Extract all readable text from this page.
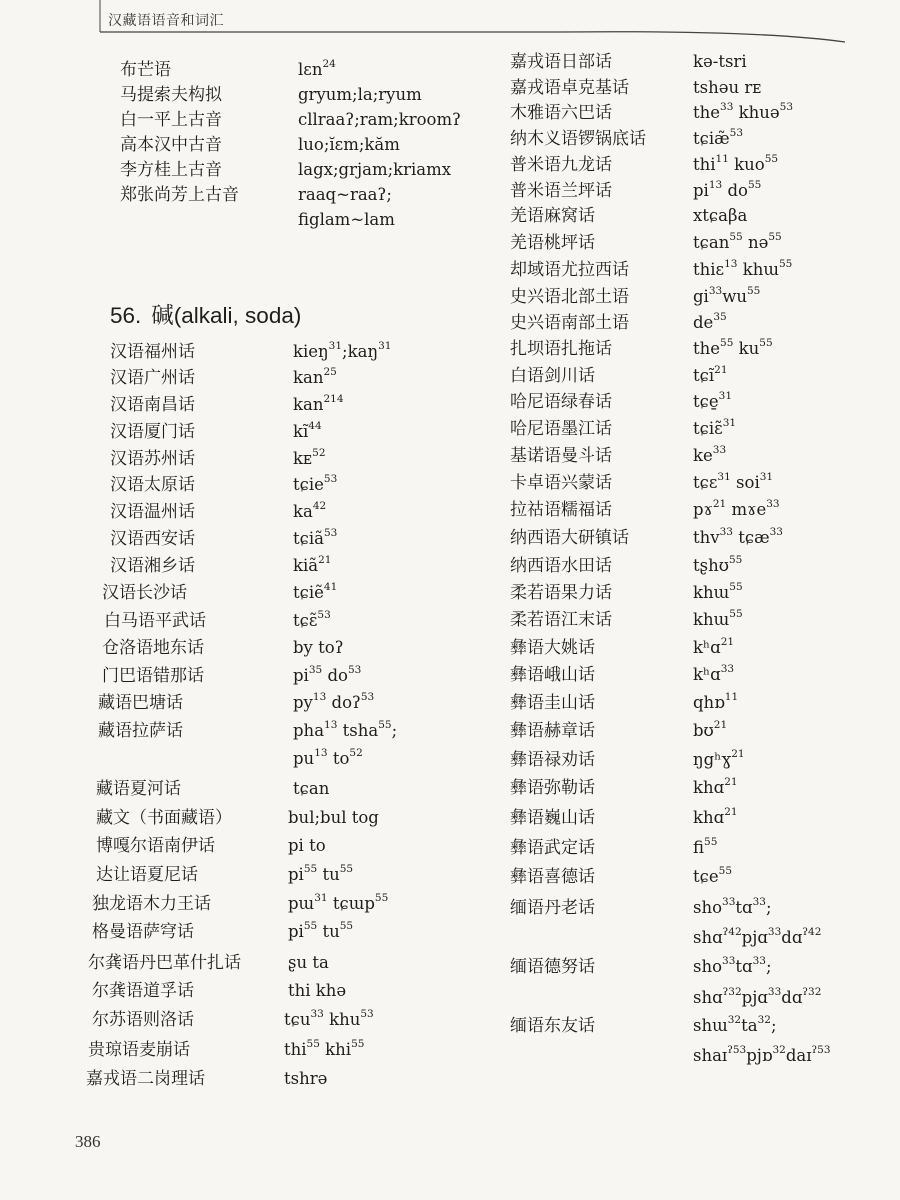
汉藏语语音和词汇
56. 碱(alkali, soda)
386
布芒语	lɛn$^{24}$
马提索夫构拟	gryum;la;ryum
白一平上古音	cllraaʔ;ram;kroomʔ
高本汉中古音	luo;ĭɛm;kăm
李方桂上古音	lagx;grjam;kriamx
郑张尚芳上古音	raaq~raaʔ;
figlam~lam
汉语福州话	kieŋ$^{31}$;kaŋ$^{31}$
汉语广州话	kan$^{25}$
汉语南昌话	kan$^{214}$
汉语厦门话	$kĩ^{44}$
汉语苏州话	kᴇ$^{52}$
汉语太原话	tɕie$^{53}$
汉语温州话	$ka^{42}$
汉语西安话	tɕiã$^{53}$
汉语湘乡话	kiã$^{21}$
汉语长沙话	tɕiẽ$^{41}$
白马语平武话	tɕɛ̃$^{53}$
仓洛语地东话	by toʔ
门巴语错那话	$pi^{35}$ $do^{53}$
藏语巴塘话	$py^{13}$ doʔ$^{53}$
藏语拉萨话	pha$^{13}$ tsha$^{55}$;
$pu^{13}$ $to^{52}$
藏语夏河话	tɕan
藏文（书面藏语）	bul;bul tog
博嘎尔语南伊话	pi to
达让语夏尼话	$pi^{55}$ $tu^{55}$
独龙语木力王话	pɯ$^{31}$ tɕɯp$^{55}$
格曼语萨穹话	$pi^{55}$ $tu^{55}$
尔龚语丹巴革什扎话	ʂu ta
尔龚语道孚话	thi khə
尔苏语则洛话	tɕu$^{33}$ khu$^{53}$
贵琼语麦崩话	thi$^{55}$ khi$^{55}$
嘉戎语二岗理话	tshrə
嘉戎语日部话	kə-tsri
嘉戎语卓克基话	tshəu rᴇ
木雅语六巴话	the$^{33}$ khuə$^{53}$
纳木义语锣锅底话	tɕiæ̃$^{53}$
普米语九龙话	thi$^{11}$ kuo$^{55}$
普米语兰坪话	$pi^{13}$ $do^{55}$
羌语麻窝话	xtɕaβa
羌语桃坪话	tɕan$^{55}$ nə$^{55}$
却域语尤拉西话	thiɛ$^{13}$ khɯ$^{55}$
史兴语北部土语	$gi^{33}wu^{55}$
史兴语南部土语	$de^{35}$
扎坝语扎拖话	the$^{55}$ $ku^{55}$
白语剑川话	tɕĩ$^{21}$
哈尼语绿春话	tɕe̱$^{31}$
哈尼语墨江话	tɕiɛ̃$^{31}$
基诺语曼斗话	$ke^{33}$
卡卓语兴蒙话	tɕɛ$^{31}$ soi$^{31}$
拉祜语糯福话	pɤ$^{21}$ mɤe$^{33}$
纳西语大研镇话	thv$^{33}$ tɕæ$^{33}$
纳西语水田话	tʂhʊ$^{55}$
柔若语果力话	khɯ$^{55}$
柔若语江末话	khɯ$^{55}$
彝语大姚话	kʰɑ$^{21}$
彝语峨山话	kʰɑ$^{33}$
彝语圭山话	qhɒ$^{11}$
彝语赫章话	bʊ$^{21}$
彝语禄劝话	ŋgʰɣ$^{21}$
彝语弥勒话	khɑ$^{21}$
彝语巍山话	khɑ$^{21}$
彝语武定话	$fi^{55}$
彝语喜德话	tɕe$^{55}$
缅语丹老话	sho$^{33}$tɑ$^{33}$;
shɑ$^{ʔ42}$pjɑ$^{33}$dɑ$^{ʔ42}$
缅语德努话	sho$^{33}$tɑ$^{33}$;
shɑ$^{ʔ32}$pjɑ$^{33}$dɑ$^{ʔ32}$
缅语东友话	$shɯ^{32}ta^{32}$;
shaɪ$^{ʔ53}$pjɒ$^{32}$daɪ$^{ʔ53}$
